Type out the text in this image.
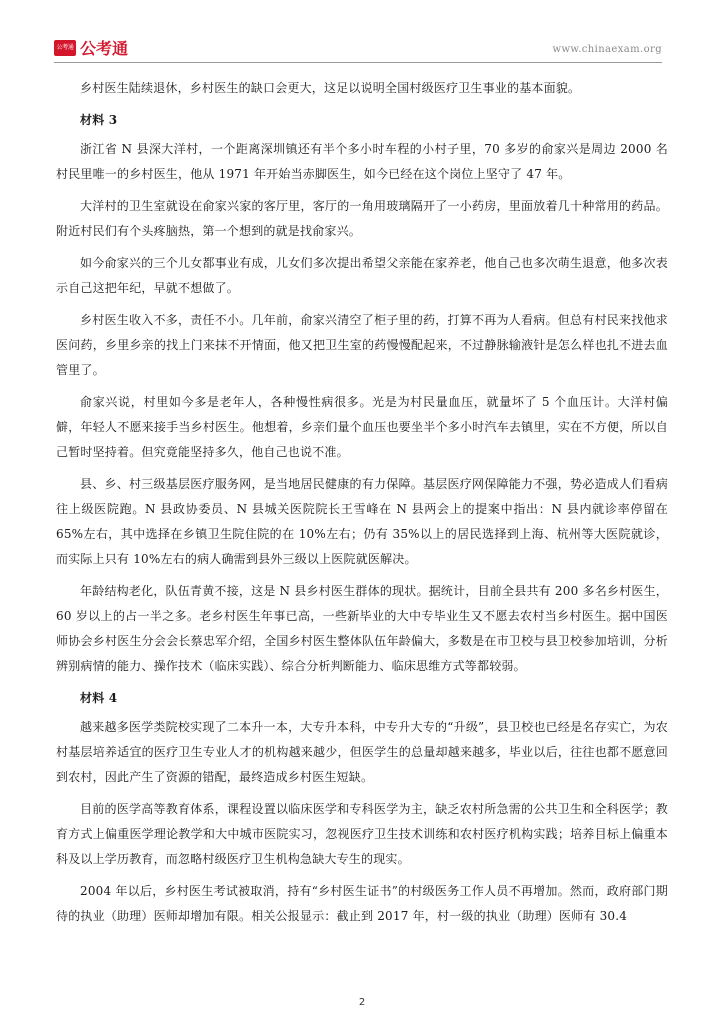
公考通 公考通	www.chinaexam.org

乡村医生陆续退休，乡村医生的缺口会更大，这足以说明全国村级医疗卫生事业的基本面貌。

材料 3

浙江省 N 县深大洋村，一个距离深圳镇还有半个多小时车程的小村子里，70 多岁的俞家兴是周边 2000 名村民里唯一的乡村医生，他从 1971 年开始当赤脚医生，如今已经在这个岗位上坚守了 47 年。

大洋村的卫生室就设在俞家兴家的客厅里，客厅的一角用玻璃隔开了一小药房，里面放着几十种常用的药品。附近村民们有个头疼脑热，第一个想到的就是找俞家兴。

如今俞家兴的三个儿女都事业有成，儿女们多次提出希望父亲能在家养老，他自己也多次萌生退意，他多次表示自己这把年纪，早就不想做了。

乡村医生收入不多，责任不小。几年前，俞家兴清空了柜子里的药，打算不再为人看病。但总有村民来找他求医问药，乡里乡亲的找上门来抹不开情面，他又把卫生室的药慢慢配起来，不过静脉输液针是怎么样也扎不进去血管里了。

俞家兴说，村里如今多是老年人，各种慢性病很多。光是为村民量血压，就量坏了 5 个血压计。大洋村偏僻，年轻人不愿来接手当乡村医生。他想着，乡亲们量个血压也要坐半个多小时汽车去镇里，实在不方便，所以自己暂时坚持着。但究竟能坚持多久，他自己也说不准。

县、乡、村三级基层医疗服务网，是当地居民健康的有力保障。基层医疗网保障能力不强，势必造成人们看病往上级医院跑。N 县政协委员、N 县城关医院院长王雪峰在 N 县两会上的提案中指出：N 县内就诊率停留在 65%左右，其中选择在乡镇卫生院住院的在 10%左右；仍有 35%以上的居民选择到上海、杭州等大医院就诊，而实际上只有 10%左右的病人确需到县外三级以上医院就医解决。

年龄结构老化，队伍青黄不接，这是 N 县乡村医生群体的现状。据统计，目前全县共有 200 多名乡村医生，60 岁以上的占一半之多。老乡村医生年事已高，一些新毕业的大中专毕业生又不愿去农村当乡村医生。据中国医师协会乡村医生分会会长蔡忠军介绍，全国乡村医生整体队伍年龄偏大，多数是在市卫校与县卫校参加培训，分析辨别病情的能力、操作技术（临床实践）、综合分析判断能力、临床思维方式等都较弱。

材料 4

越来越多医学类院校实现了二本升一本，大专升本科，中专升大专的“升级”，县卫校也已经是名存实亡，为农村基层培养适宜的医疗卫生专业人才的机构越来越少，但医学生的总量却越来越多，毕业以后，往往也都不愿意回到农村，因此产生了资源的错配，最终造成乡村医生短缺。

目前的医学高等教育体系，课程设置以临床医学和专科医学为主，缺乏农村所急需的公共卫生和全科医学；教育方式上偏重医学理论教学和大中城市医院实习，忽视医疗卫生技术训练和农村医疗机构实践；培养目标上偏重本科及以上学历教育，而忽略村级医疗卫生机构急缺大专生的现实。

2004 年以后，乡村医生考试被取消，持有“乡村医生证书”的村级医务工作人员不再增加。然而，政府部门期待的执业（助理）医师却增加有限。相关公报显示：截止到 2017 年，村一级的执业（助理）医师有 30.4

2
